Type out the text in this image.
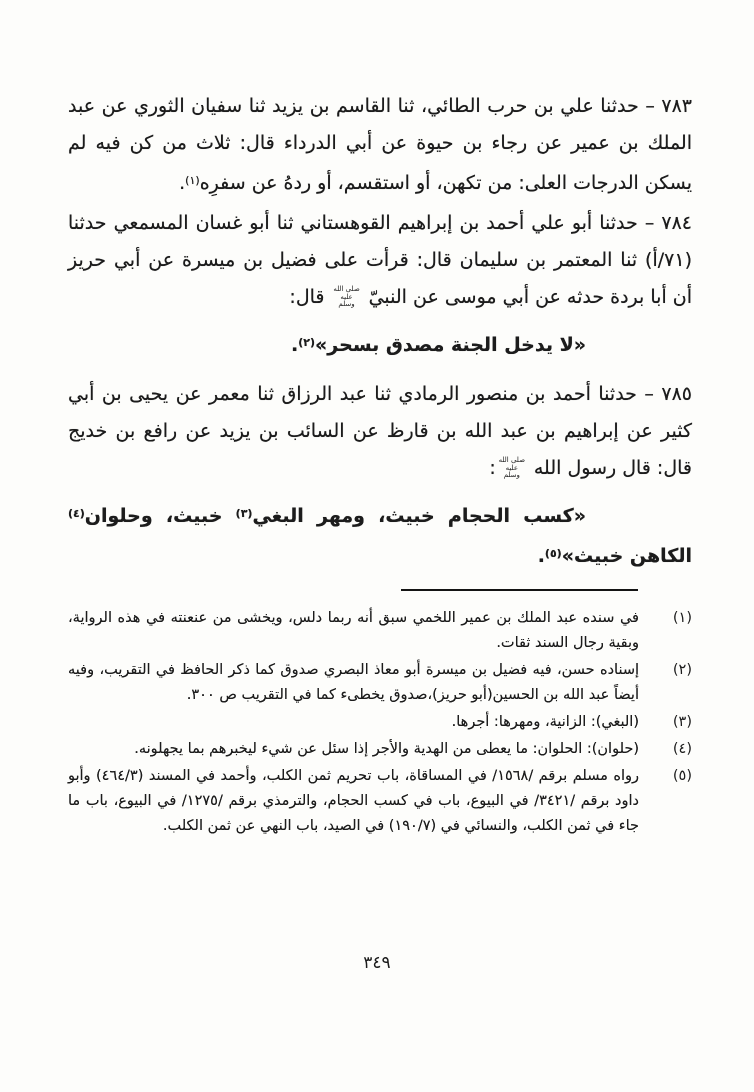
٧٨٣ – حدثنا علي بن حرب الطائي، ثنا القاسم بن يزيد ثنا سفيان الثوري عن عبد الملك بن عمير عن رجاء بن حيوة عن أبي الدرداء قال: ثلاث من كن فيه لم يسكن الدرجات العلى: من تكهن، أو استقسم، أو ردهُ عن سفرِه$^{(١)}$.

٧٨٤ – حدثنا أبو علي أحمد بن إبراهيم القوهستاني ثنا أبو غسان المسمعي حدثنا (٧١/أ) ثنا المعتمر بن سليمان قال: قرأت على فضيل بن ميسرة عن أبي حريز أن أبا بردة حدثه عن أبي موسى عن النبيّ صلى الله عليه وسلم قال:

«لا يدخل الجنة مصدق بسحر»$^{(٢)}$.

٧٨٥ – حدثنا أحمد بن منصور الرمادي ثنا عبد الرزاق ثنا معمر عن يحيى بن أبي كثير عن إبراهيم بن عبد الله بن قارظ عن السائب بن يزيد عن رافع بن خديج قال: قال رسول الله صلى الله عليه وسلم:

«كسب الحجام خبيث، ومهر البغي$^{(٣)}$ خبيث، وحلوان$^{(٤)}$ الكاهن خبيث»$^{(٥)}$.

(١)
في سنده عبد الملك بن عمير اللخمي سبق أنه ربما دلس، ويخشى من عنعنته في هذه الرواية، وبقية رجال السند ثقات.
(٢)
إسناده حسن، فيه فضيل بن ميسرة أبو معاذ البصري صدوق كما ذكر الحافظ في التقريب، وفيه أيضاً عبد الله بن الحسين(أبو حريز)،صدوق يخطىء كما في التقريب ص ٣٠٠.
(٣)
(البغي): الزانية، ومهرها: أجرها.
(٤)
(حلوان): الحلوان: ما يعطى من الهدية والأجر إذا سئل عن شيء ليخبرهم بما يجهلونه.
(٥)
رواه مسلم برقم /١٥٦٨/ في المساقاة، باب تحريم ثمن الكلب، وأحمد في المسند (٤٦٤/٣) وأبو داود برقم /٣٤٢١/ في البيوع، باب في كسب الحجام، والترمذي برقم /١٢٧٥/ في البيوع، باب ما جاء في ثمن الكلب، والنسائي في (١٩٠/٧) في الصيد، باب النهي عن ثمن الكلب.
٣٤٩
